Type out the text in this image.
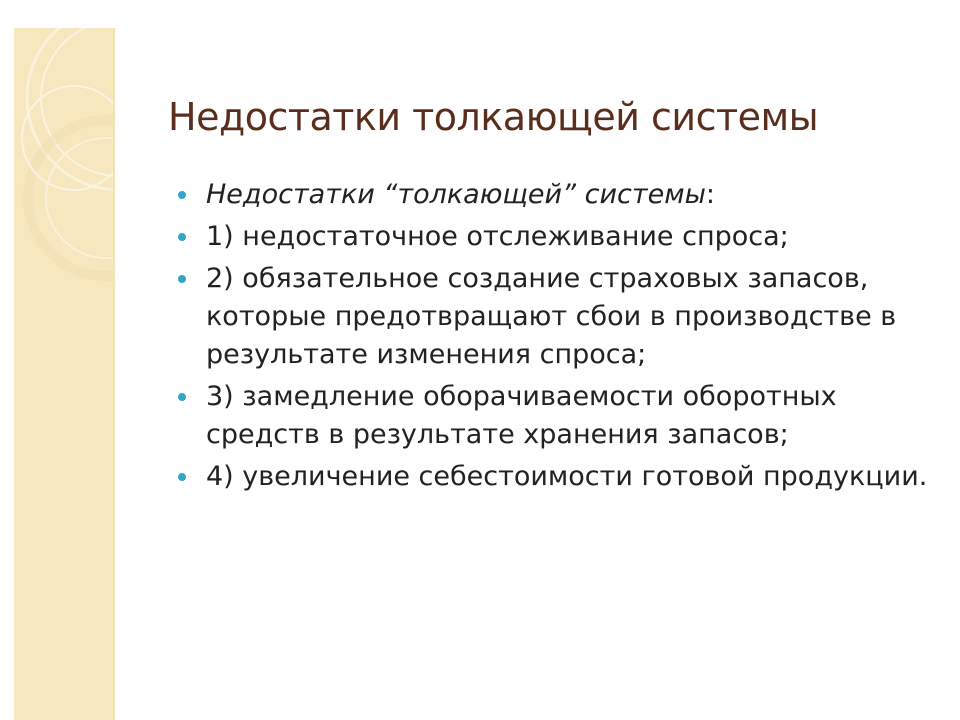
Недостатки толкающей системы
Недостатки “толкающей” системы:
1) недостаточное отслеживание спроса;
2) обязательное создание страховых запасов, которые предотвращают сбои в производстве в результате изменения спроса;
3) замедление оборачиваемости оборотных средств в результате хранения запасов;
4) увеличение себестоимости готовой продукции.
